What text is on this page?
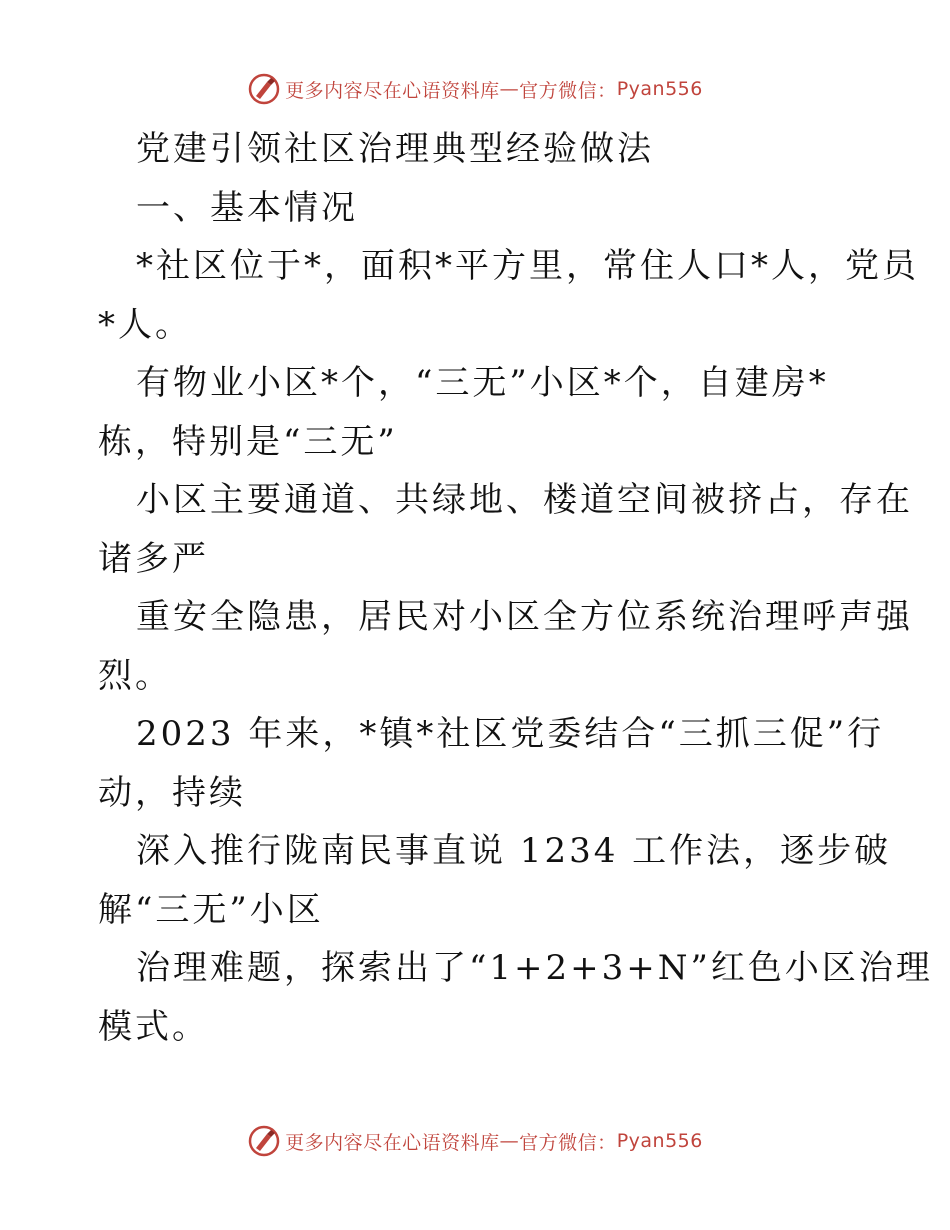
更多内容尽在心语资料库 — 官方微信： Pyan556

党建引领社区治理典型经验做法

一、基本情况

*社区位于*，面积*平方里，常住人口*人，党员

*人。

有物业小区*个，“三无”小区*个，自建房*

栋，特别是“三无”

小区主要通道、共绿地、楼道空间被挤占，存在

诸多严

重安全隐患，居民对小区全方位系统治理呼声强

烈。

2023 年来，*镇*社区党委结合“三抓三促”行

动，持续

深入推行陇南民事直说 1234 工作法，逐步破

解“三无”小区

治理难题，探索出了“1+2+3+N”红色小区治理

模式。

更多内容尽在心语资料库 — 官方微信： Pyan556
